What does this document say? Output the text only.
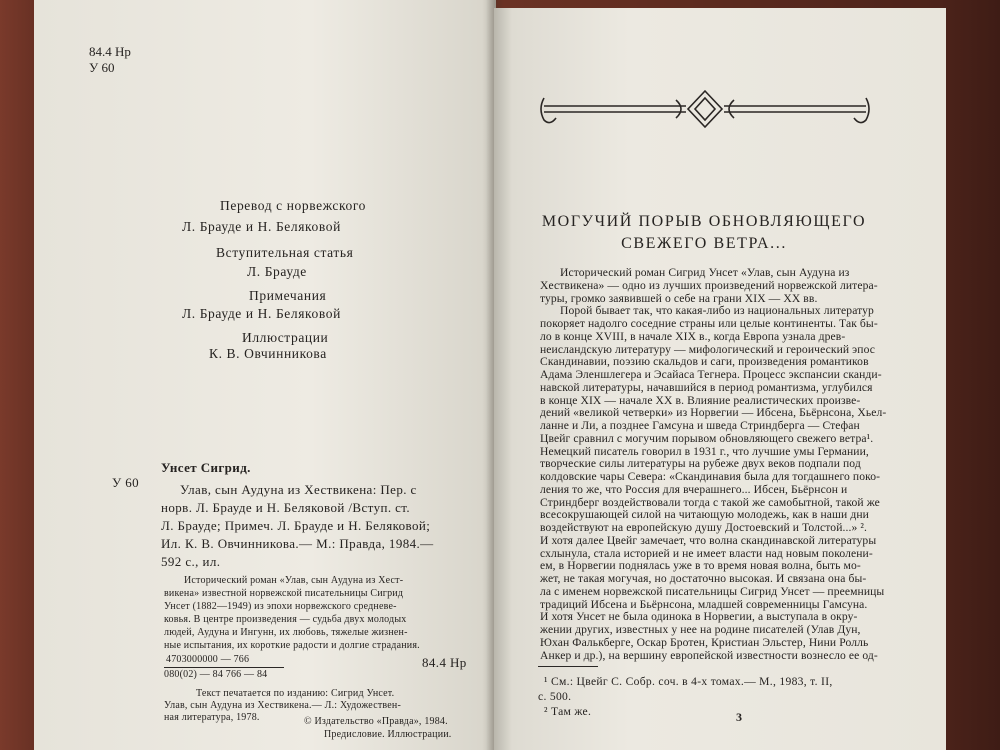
84.4 Нр
У 60
Перевод с норвежского
Л. Брауде и Н. Беляковой
Вступительная статья
Л. Брауде
Примечания
Л. Брауде и Н. Беляковой
Иллюстрации
К. В. Овчинникова
У 60
Унсет Сигрид.
Улав, сын Аудуна из Хествикена: Пер. с
норв. Л. Брауде и Н. Беляковой /Вступ. ст.
Л. Брауде; Примеч. Л. Брауде и Н. Беляковой;
Ил. К. В. Овчинникова.— М.: Правда, 1984.—
592 с., ил.
Исторический роман «Улав, сын Аудуна из Хест-
викена» известной норвежской писательницы Сигрид
Унсет (1882—1949) из эпохи норвежского средневе-
ковья. В центре произведения — судьба двух молодых
людей, Аудуна и Ингунн, их любовь, тяжелые жизнен-
ные испытания, их короткие радости и долгие страдания.
4703000000 — 766
080(02) — 84 766 — 84
84.4 Нр
Текст печатается по изданию: Сигрид Унсет.
Улав, сын Аудуна из Хествикена.— Л.: Художествен-
ная литература, 1978.	© Издательство «Правда», 1984.
Предисловие. Иллюстрации.
МОГУЧИЙ ПОРЫВ ОБНОВЛЯЮЩЕГО
СВЕЖЕГО ВЕТРА...
Исторический роман Сигрид Унсет «Улав, сын Аудуна из
Хествикена» — одно из лучших произведений норвежской литера-
туры, громко заявившей о себе на грани XIX — XX вв.
Порой бывает так, что какая-либо из национальных литератур
покоряет надолго соседние страны или целые континенты. Так бы-
ло в конце XVIII, в начале XIX в., когда Европа узнала древ-
неисландскую литературу — мифологический и героический эпос
Скандинавии, поэзию скальдов и саги, произведения романтиков
Адама Эленшлегера и Эсайаса Тегнера. Процесс экспансии сканди-
навской литературы, начавшийся в период романтизма, углубился
в конце XIX — начале XX в. Влияние реалистических произве-
дений «великой четверки» из Норвегии — Ибсена, Бьёрнсона, Хьел-
ланне и Ли, а позднее Гамсуна и шведа Стриндберга — Стефан
Цвейг сравнил с могучим порывом обновляющего свежего ветра¹.
Немецкий писатель говорил в 1931 г., что лучшие умы Германии,
творческие силы литературы на рубеже двух веков подпали под
колдовские чары Севера: «Скандинавия была для тогдашнего поко-
ления то же, что Россия для вчерашнего... Ибсен, Бьёрнсон и
Стриндберг воздействовали тогда с такой же самобытной, такой же
всесокрушающей силой на читающую молодежь, как в наши дни
воздействуют на европейскую душу Достоевский и Толстой...» ².
И хотя далее Цвейг замечает, что волна скандинавской литературы
схлынула, стала историей и не имеет власти над новым поколени-
ем, в Норвегии поднялась уже в то время новая волна, быть мо-
жет, не такая могучая, но достаточно высокая. И связана она бы-
ла с именем норвежской писательницы Сигрид Унсет — преемницы
традиций Ибсена и Бьёрнсона, младшей современницы Гамсуна.
И хотя Унсет не была одинока в Норвегии, а выступала в окру-
жении других, известных у нее на родине писателей (Улав Дун,
Юхан Фалькберге, Оскар Бротен, Кристиан Эльстер, Нини Ролль
Анкер и др.), на вершину европейской известности вознесло ее од-
¹ См.: Цвейг С. Собр. соч. в 4-х томах.— М., 1983, т. II,
с. 500.
² Там же.	3
